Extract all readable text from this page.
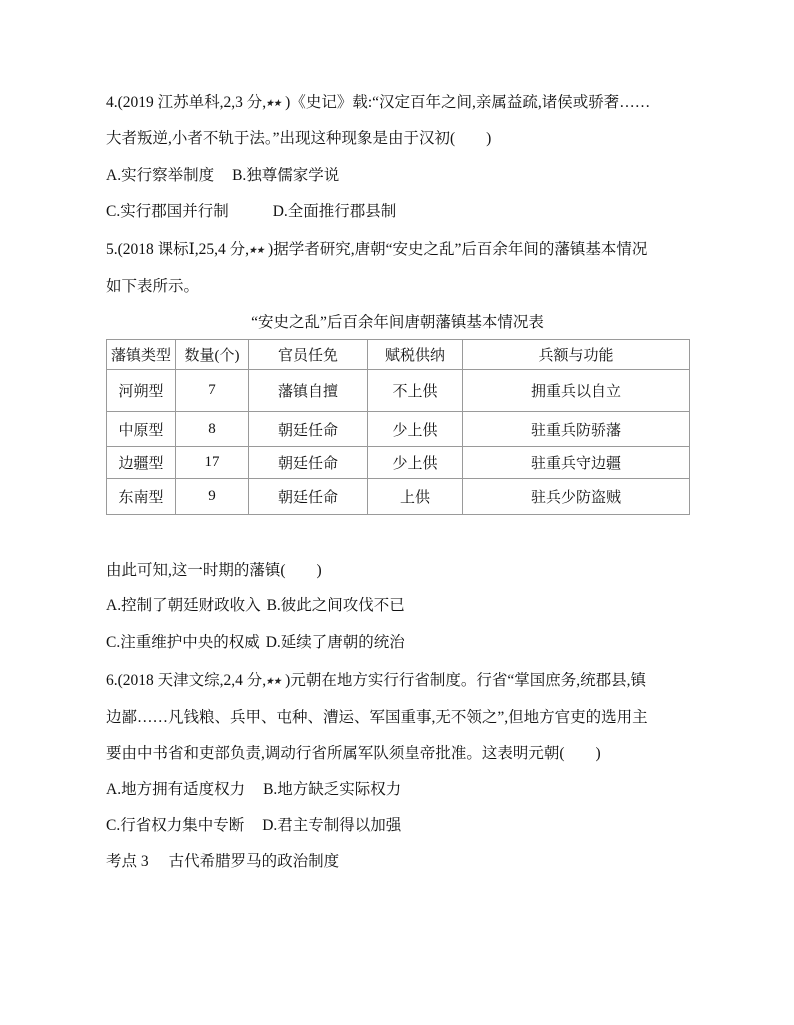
4.(2019 江苏单科,2,3 分, )《史记》载:“汉定百年之间,亲属益疏,诸侯或骄奢……
大者叛逆,小者不轨于法。”出现这种现象是由于汉初(　　)
A.实行察举制度 B.独尊儒家学说
C.实行郡国并行制	D.全面推行郡县制
5.(2018 课标Ⅰ,25,4 分, )据学者研究,唐朝“安史之乱”后百余年间的藩镇基本情况
如下表所示。
“安史之乱”后百余年间唐朝藩镇基本情况表
藩镇类型	数量(个)	官员任免	赋税供纳	兵额与功能
河朔型	7	藩镇自擅	不上供	拥重兵以自立
中原型	8	朝廷任命	少上供	驻重兵防骄藩
边疆型	17	朝廷任命	少上供	驻重兵守边疆
东南型	9	朝廷任命	上供	驻兵少防盗贼
由此可知,这一时期的藩镇(　　)
A.控制了朝廷财政收入 B.彼此之间攻伐不已
C.注重维护中央的权威 D.延续了唐朝的统治
6.(2018 天津文综,2,4 分, )元朝在地方实行行省制度。行省“掌国庶务,统郡县,镇
边鄙……凡钱粮、兵甲、屯种、漕运、军国重事,无不领之”,但地方官吏的选用主
要由中书省和吏部负责,调动行省所属军队须皇帝批准。这表明元朝(　　)
A.地方拥有适度权力 B.地方缺乏实际权力
C.行省权力集中专断 D.君主专制得以加强
考点 3 古代希腊罗马的政治制度
